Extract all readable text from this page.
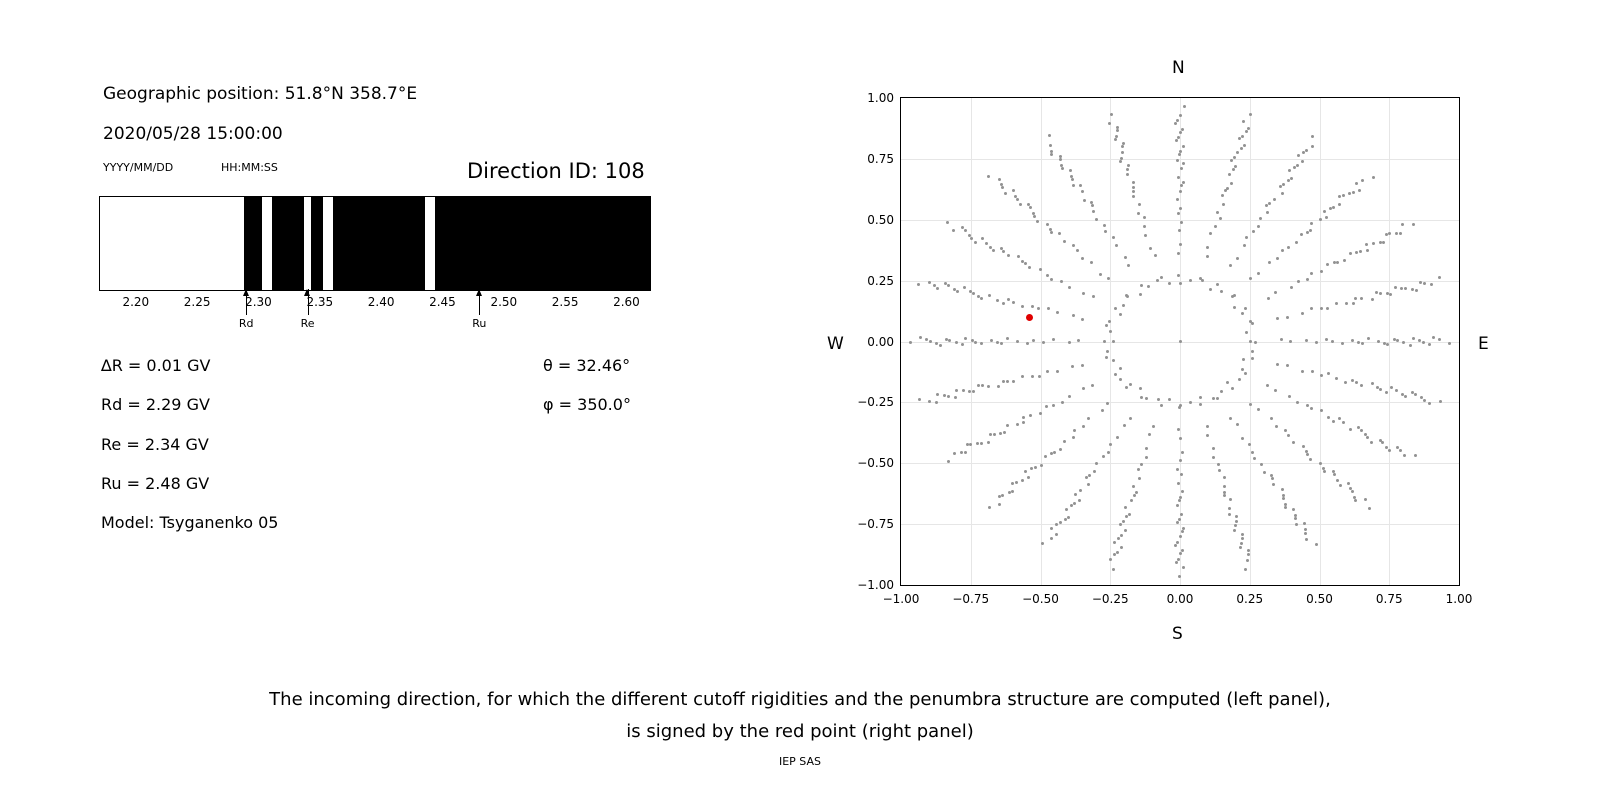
Geographic position: 51.8°N 358.7°E
2020/05/28 15:00:00
YYYY/MM/DD	HH:MM:SS	Direction ID: 108
Rd	Re	Ru
2.20	2.25	2.30	2.35	2.40	2.45	2.50	2.55	2.60
∆R = 0.01 GV
Rd = 2.29 GV
Re = 2.34 GV
Ru = 2.48 GV
Model: Tsyganenko 05
θ = 32.46°
φ = 350.0°
−1.00	−0.75	−0.50	−0.25	0.00	0.25	0.50	0.75	1.00
−1.00
−0.75
−0.50
−0.25
0.00
0.25
0.50
0.75
1.00
N
S
W	E
The incoming direction, for which the different cutoff rigidities and the penumbra structure are computed (left panel),
is signed by the red point (right panel)
IEP SAS
